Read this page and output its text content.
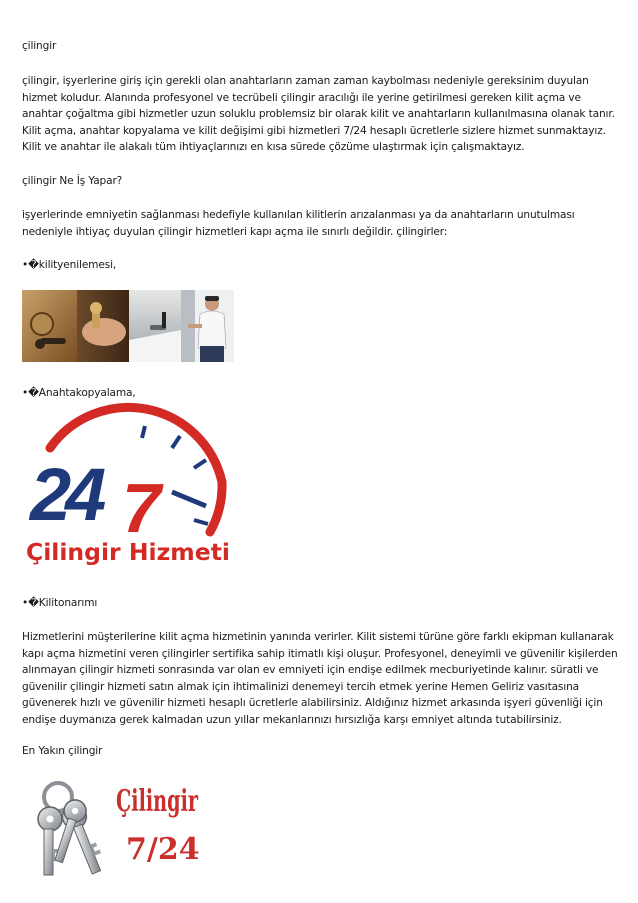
çilingir
çilingir, işyerlerine giriş için gerekli olan anahtarların zaman zaman kaybolması nedeniyle gereksinim duyulan
hizmet koludur. Alanında profesyonel ve tecrübeli çilingir aracılığı ile yerine getirilmesi gereken kilit açma ve
anahtar çoğaltma gibi hizmetler uzun soluklu problemsiz bir olarak kilit ve anahtarların kullanılmasına olanak tanır.
Kilit açma, anahtar kopyalama ve kilit değişimi gibi hizmetleri 7/24 hesaplı ücretlerle sizlere hizmet sunmaktayız.
Kilit ve anahtar ile alakalı tüm ihtiyaçlarınızı en kısa sürede çözüme ulaştırmak için çalışmaktayız.
çilingir Ne İş Yapar?
işyerlerinde emniyetin sağlanması hedefiyle kullanılan kilitlerin arızalanması ya da anahtarların unutulması
nedeniyle ihtiyaç duyulan çilingir hizmetleri kapı açma ile sınırlı değildir. çilingirler:
•�kilityenilemesi,
•�Anahtakopyalama,
24 7
Çilingir Hizmeti
•�Kilitonarımı
Hizmetlerini müşterilerine kilit açma hizmetinin yanında verirler. Kilit sistemi türüne göre farklı ekipman kullanarak
kapı açma hizmetini veren çilingirler sertifika sahip itimatlı kişi oluşur. Profesyonel, deneyimli ve güvenilir kişilerden
alınmayan çilingir hizmeti sonrasında var olan ev emniyeti için endişe edilmek mecburiyetinde kalınır. süratli ve
güvenilir çilingir hizmeti satın almak için ihtimalinizi denemeyi tercih etmek yerine Hemen Geliriz vasıtasına
güvenerek hızlı ve güvenilir hizmeti hesaplı ücretlerle alabilirsiniz. Aldığınız hizmet arkasında işyeri güvenliği için
endişe duymanıza gerek kalmadan uzun yıllar mekanlarınızı hırsızlığa karşı emniyet altında tutabilirsiniz.
En Yakın çilingir
Çilingir
7/24
